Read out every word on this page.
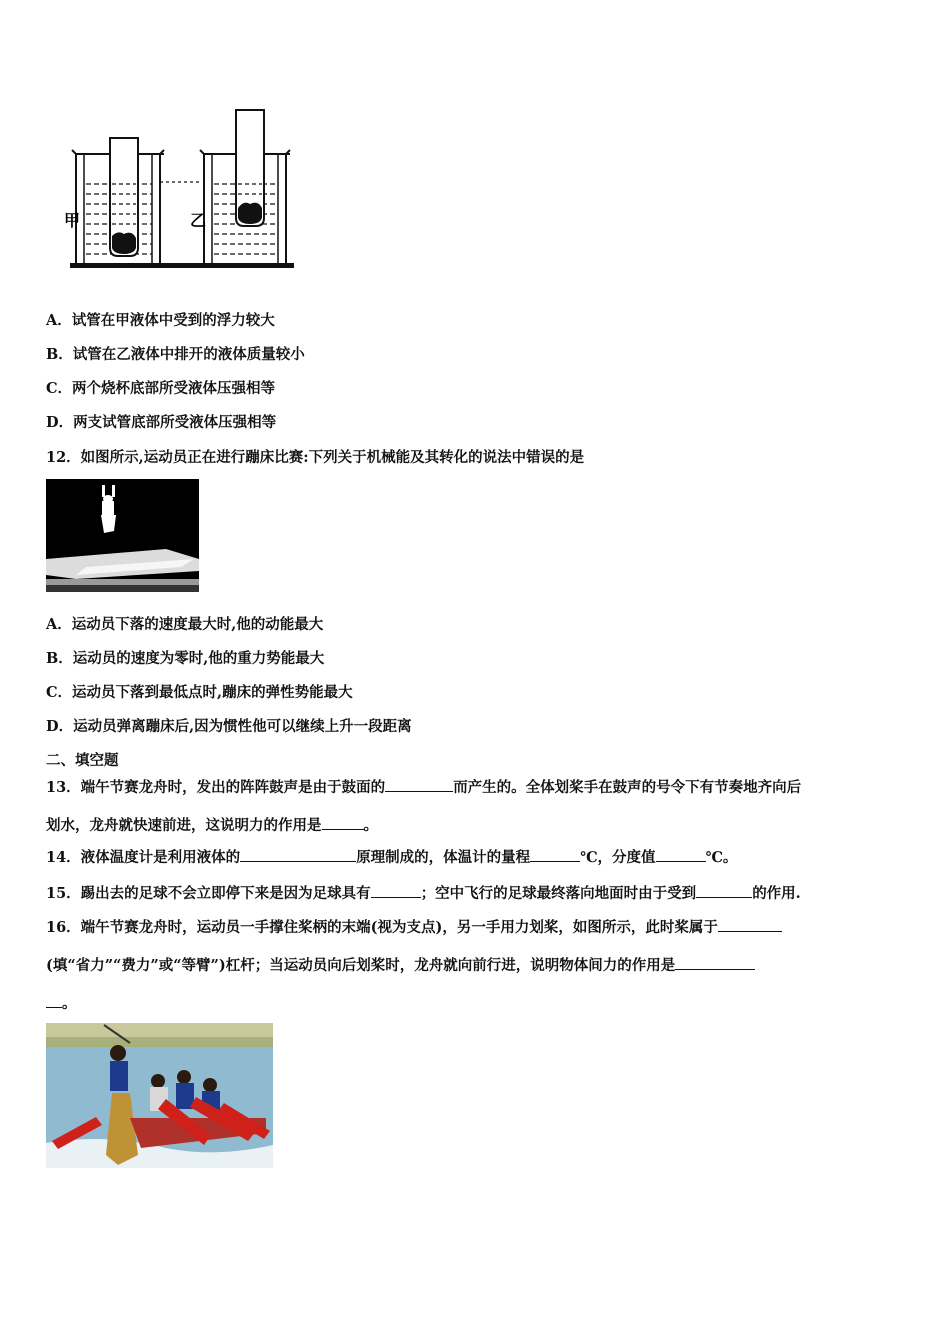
甲	乙
A．试管在甲液体中受到的浮力较大
B．试管在乙液体中排开的液体质量较小
C．两个烧杯底部所受液体压强相等
D．两支试管底部所受液体压强相等
12．如图所示,运动员正在进行蹦床比赛:下列关于机械能及其转化的说法中错误的是
A．运动员下落的速度最大时,他的动能最大
B．运动员的速度为零时,他的重力势能最大
C．运动员下落到最低点时,蹦床的弹性势能最大
D．运动员弹离蹦床后,因为惯性他可以继续上升一段距离
二、填空题
13．端午节赛龙舟时，发出的阵阵鼓声是由于鼓面的	而产生的。全体划桨手在鼓声的号令下有节奏地齐向后
划水，龙舟就快速前进，这说明力的作用是	。
14．液体温度计是利用液体的	原理制成的，体温计的量程	℃，分度值	℃。
15．踢出去的足球不会立即停下来是因为足球具有	；空中飞行的足球最终落向地面时由于受到	的作用.
16．端午节赛龙舟时，运动员一手撑住桨柄的末端(视为支点)，另一手用力划桨，如图所示，此时桨属于
(填“省力”“费力”或“等臂”)杠杆；当运动员向后划桨时，龙舟就向前行进，说明物体间力的作用是
。
